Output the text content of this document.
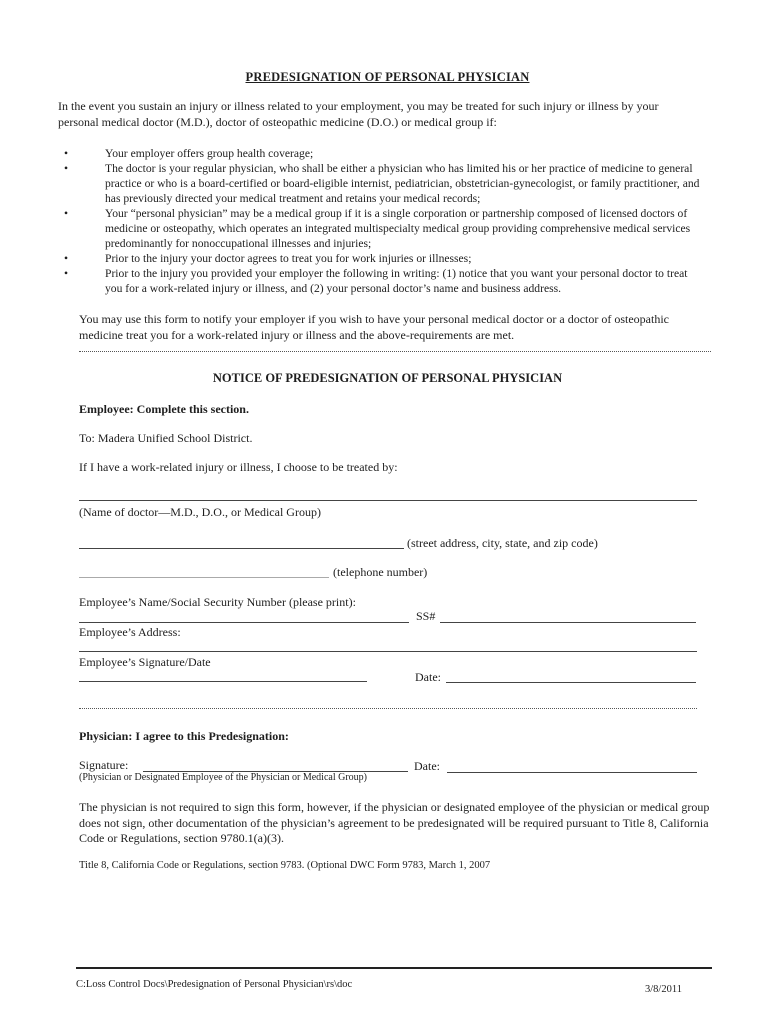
PREDESIGNATION OF PERSONAL PHYSICIAN
In the event you sustain an injury or illness related to your employment, you may be treated for such injury or illness by your personal medical doctor (M.D.), doctor of osteopathic medicine (D.O.) or medical group if:
•	Your employer offers group health coverage;
•	The doctor is your regular physician, who shall be either a physician who has limited his or her practice of medicine to general practice or who is a board-certified or board-eligible internist, pediatrician, obstetrician-gynecologist, or family practitioner, and has previously directed your medical treatment and retains your medical records;
•	Your “personal physician” may be a medical group if it is a single corporation or partnership composed of licensed doctors of medicine or osteopathy, which operates an integrated multispecialty medical group providing comprehensive medical services predominantly for nonoccupational illnesses and injuries;
•	Prior to the injury your doctor agrees to treat you for work injuries or illnesses;
•	Prior to the injury you provided your employer the following in writing: (1) notice that you want your personal doctor to treat you for a work-related injury or illness, and (2) your personal doctor’s name and business address.
You may use this form to notify your employer if you wish to have your personal medical doctor or a doctor of osteopathic medicine treat you for a work-related injury or illness and the above-requirements are met.
NOTICE OF PREDESIGNATION OF PERSONAL PHYSICIAN
Employee: Complete this section.
To: Madera Unified School District.
If I have a work-related injury or illness, I choose to be treated by:
(Name of doctor—M.D., D.O., or Medical Group)
(street address, city, state, and zip code)
(telephone number)
Employee’s Name/Social Security Number (please print):
SS#
Employee’s Address:
Employee’s Signature/Date
Date:
Physician: I agree to this Predesignation:
Signature:	Date:
(Physician or Designated Employee of the Physician or Medical Group)
The physician is not required to sign this form, however, if the physician or designated employee of the physician or medical group does not sign, other documentation of the physician’s agreement to be predesignated will be required pursuant to Title 8, California Code or Regulations, section 9780.1(a)(3).
Title 8, California Code or Regulations, section 9783. (Optional DWC Form 9783, March 1, 2007
C:Loss Control Docs\Predesignation of Personal Physician\rs\doc	3/8/2011
